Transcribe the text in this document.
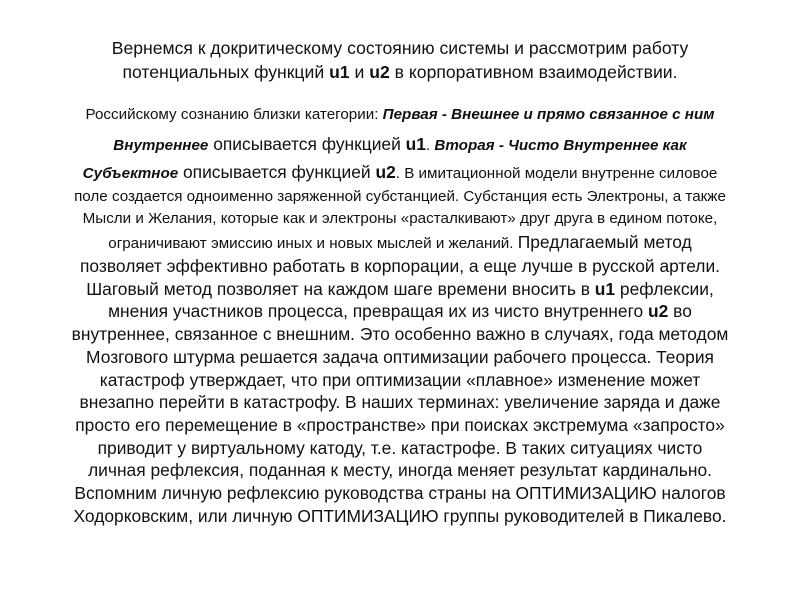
Вернемся к докритическому состоянию системы и рассмотрим работу
потенциальных функций u1 и u2 в корпоративном взаимодействии.
Российскому сознанию близки категории: Первая - Внешнее и прямо связанное с ним
Внутреннее описывается функцией u1. Вторая - Чисто Внутреннее как
Субъектное описывается функцией u2. В имитационной модели внутренне силовое
поле создается одноименно заряженной субстанцией. Субстанция есть Электроны, а также
Мысли и Желания, которые как и электроны «расталкивают» друг друга в едином потоке,
ограничивают эмиссию иных и новых мыслей и желаний. Предлагаемый метод
позволяет эффективно работать в корпорации, а еще лучше в русской артели.
Шаговый метод позволяет на каждом шаге времени вносить в u1 рефлексии,
мнения участников процесса, превращая их из чисто внутреннего u2 во
внутреннее, связанное с внешним. Это особенно важно в случаях, года методом
Мозгового штурма решается задача оптимизации рабочего процесса. Теория
катастроф утверждает, что при оптимизации «плавное» изменение может
внезапно перейти в катастрофу. В наших терминах: увеличение заряда и даже
просто его перемещение в «пространстве» при поисках экстремума «запросто»
приводит у виртуальному катоду, т.е. катастрофе. В таких ситуациях чисто
личная рефлексия, поданная к месту, иногда меняет результат кардинально.
Вспомним личную рефлексию руководства страны на ОПТИМИЗАЦИЮ налогов
Ходорковским, или личную ОПТИМИЗАЦИЮ группы руководителей в Пикалево.
